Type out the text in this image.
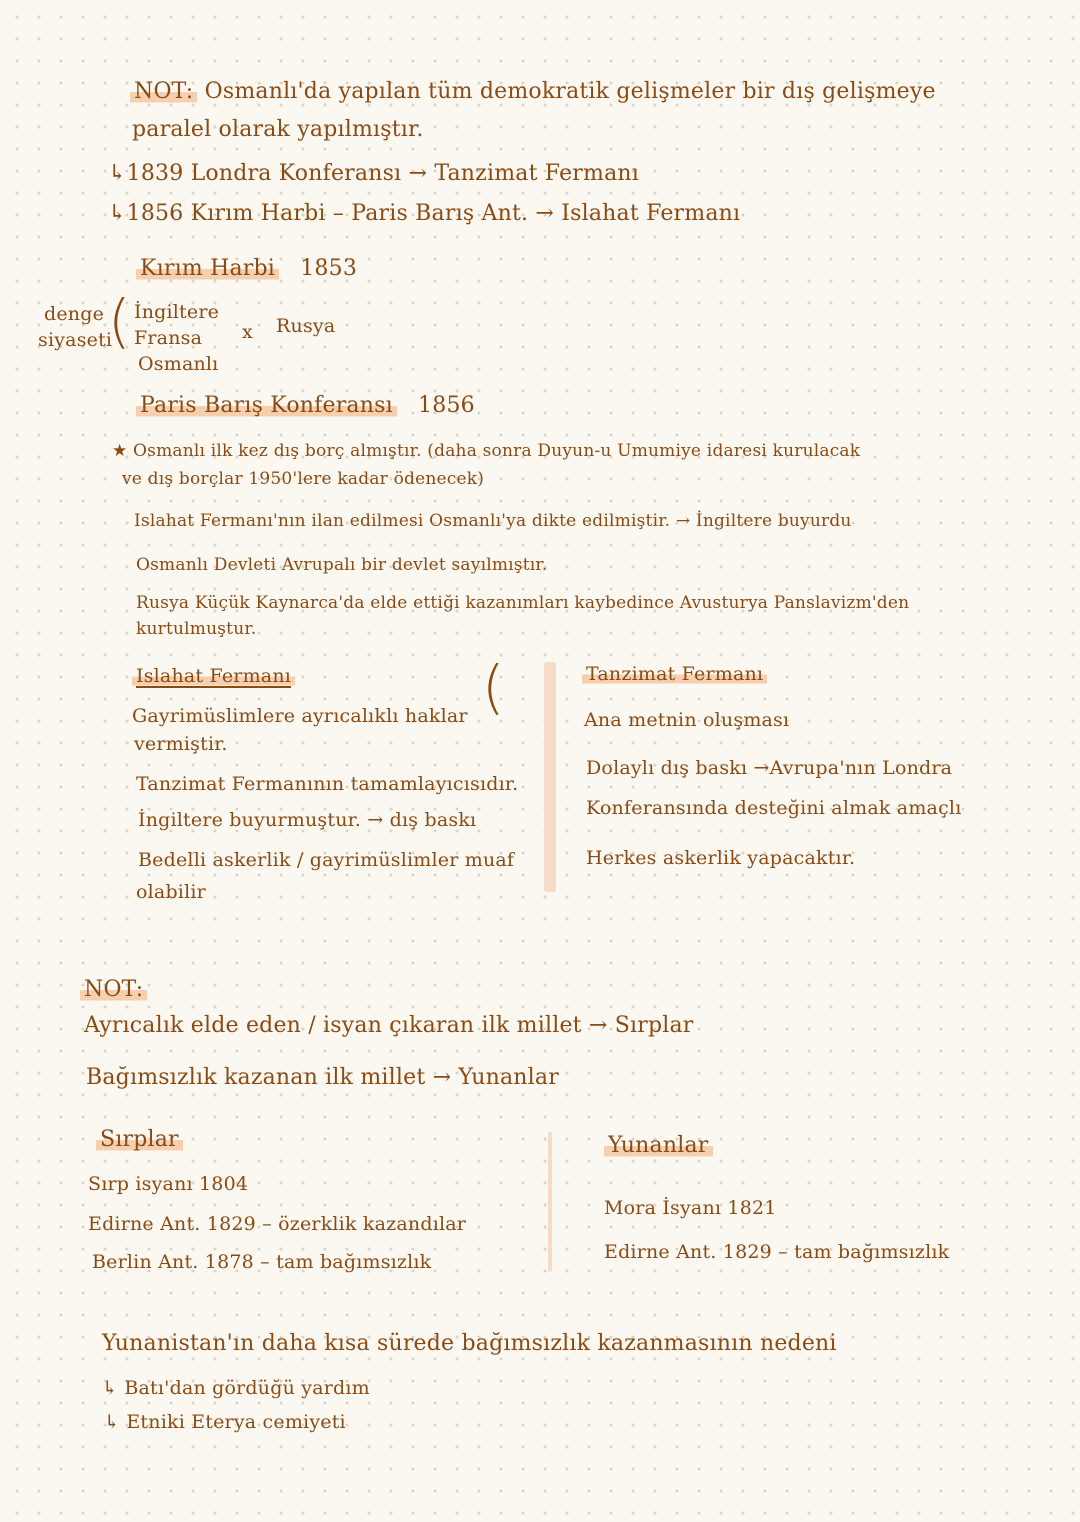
NOT: Osmanlı'da yapılan tüm demokratik gelişmeler bir dış gelişmeye
paralel olarak yapılmıştır.
↳1839 Londra Konferansı → Tanzimat Fermanı
↳1856 Kırım Harbi – Paris Barış Ant. → Islahat Fermanı
Kırım Harbi 1853
denge
siyaseti
( İngiltere
Fransa
Osmanlı
x Rusya
Paris Barış Konferansı 1856
★ Osmanlı ilk kez dış borç almıştır. (daha sonra Duyun-u Umumiye idaresi kurulacak
ve dış borçlar 1950'lere kadar ödenecek)
Islahat Fermanı'nın ilan edilmesi Osmanlı'ya dikte edilmiştir. → İngiltere buyurdu
Osmanlı Devleti Avrupalı bir devlet sayılmıştır.
Rusya Küçük Kaynarca'da elde ettiği kazanımları kaybedince Avusturya Panslavizm'den
kurtulmuştur.
Islahat Fermanı	(
Gayrimüslimlere ayrıcalıklı haklar
vermiştir.
Tanzimat Fermanının tamamlayıcısıdır.
İngiltere buyurmuştur. → dış baskı
Bedelli askerlik / gayrimüslimler muaf
olabilir
Tanzimat Fermanı
Ana metnin oluşması
Dolaylı dış baskı →Avrupa'nın Londra
Konferansında desteğini almak amaçlı
Herkes askerlik yapacaktır.
NOT:
Ayrıcalık elde eden / isyan çıkaran ilk millet → Sırplar
Bağımsızlık kazanan ilk millet → Yunanlar
Sırplar
Sırp isyanı 1804
Edirne Ant. 1829 – özerklik kazandılar
Berlin Ant. 1878 – tam bağımsızlık
Yunanlar
Mora İsyanı 1821
Edirne Ant. 1829 – tam bağımsızlık
Yunanistan'ın daha kısa sürede bağımsızlık kazanmasının nedeni
↳ Batı'dan gördüğü yardım
↳ Etniki Eterya cemiyeti
